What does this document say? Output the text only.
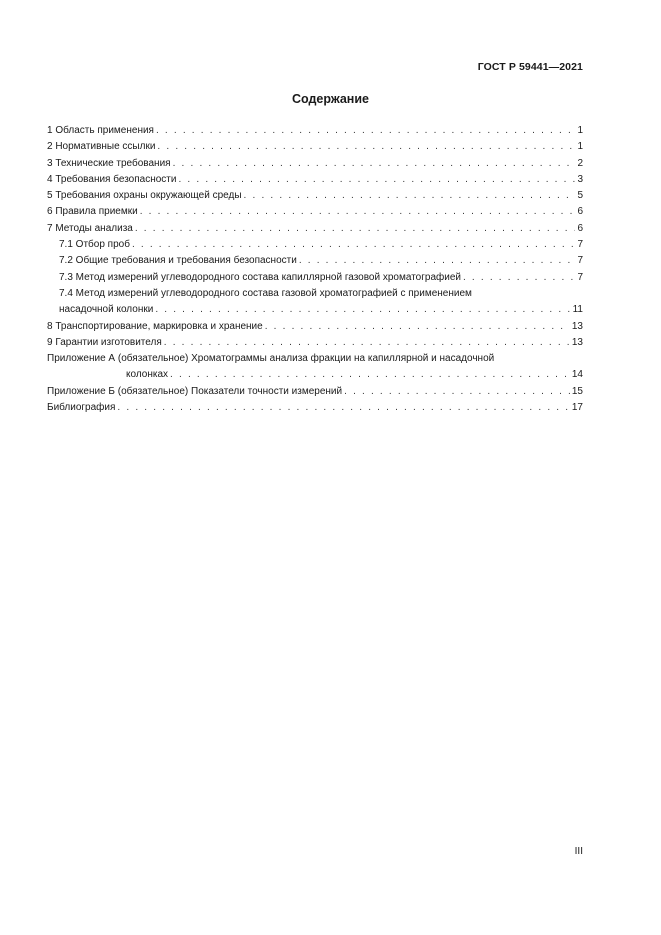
ГОСТ Р 59441—2021
Содержание
1 Область применения . . .	1
2 Нормативные ссылки . . .	1
3 Технические требования . . .	2
4 Требования безопасности . . .	3
5 Требования охраны окружающей среды . . .	5
6 Правила приемки . . .	6
7 Методы анализа . . .	6
7.1 Отбор проб . . .	7
7.2 Общие требования и требования безопасности . . .	7
7.3 Метод измерений углеводородного состава капиллярной газовой хроматографией . . .	7
7.4 Метод измерений углеводородного состава газовой хроматографией с применением
насадочной колонки . . .	11
8 Транспортирование, маркировка и хранение . . .	13
9 Гарантии изготовителя . . .	13
Приложение А (обязательное) Хроматограммы анализа фракции на капиллярной и насадочной
колонках . . .	14
Приложение Б (обязательное) Показатели точности измерений . . .	15
Библиография . . .	17
III
